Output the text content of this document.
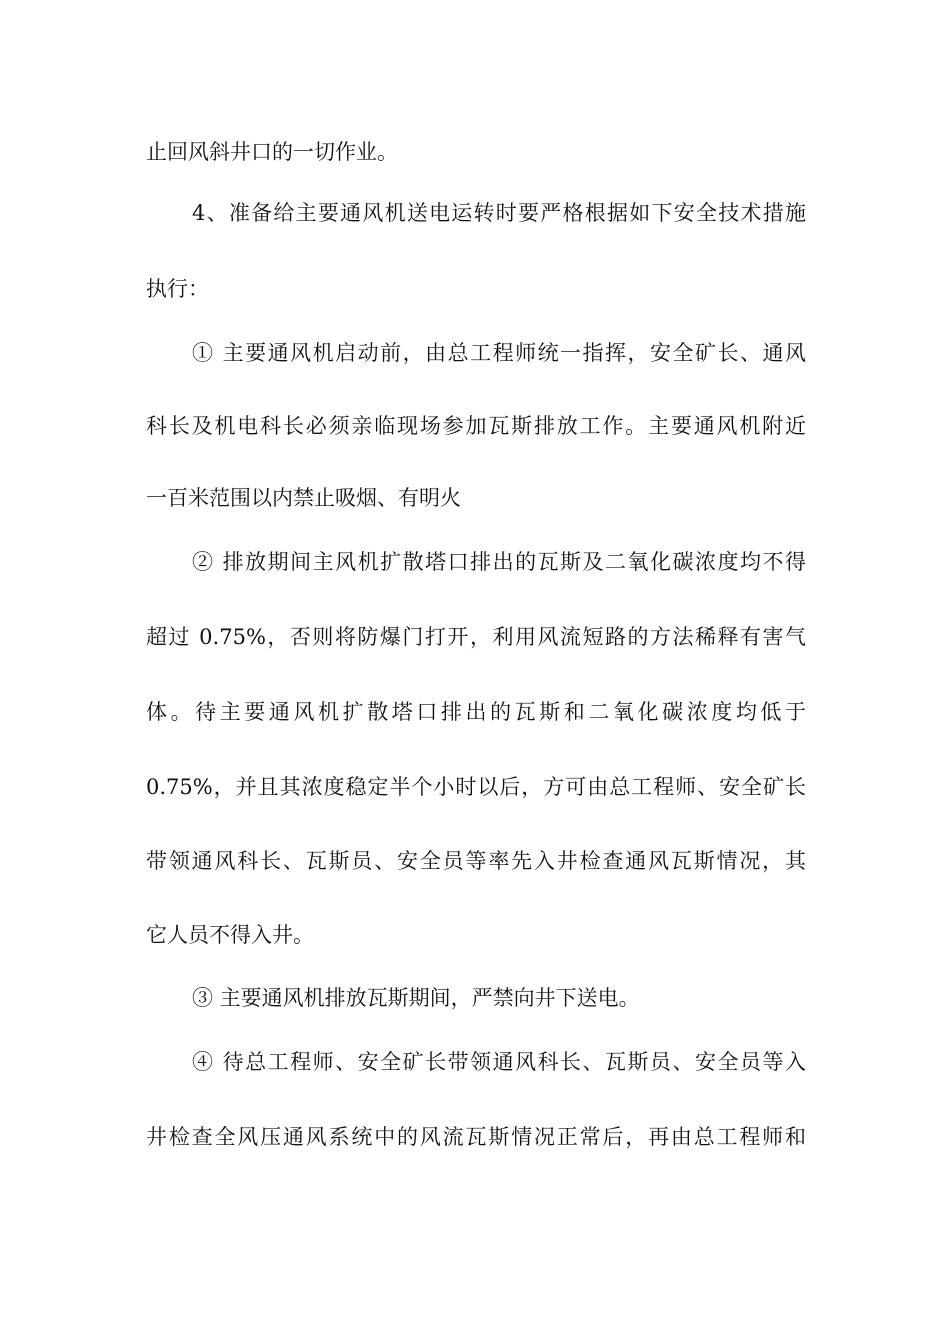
止回风斜井口的一切作业。
4、准备给主要通风机送电运转时要严格根据如下安全技术措施
执行：
① 主要通风机启动前，由总工程师统一指挥，安全矿长、通风
科长及机电科长必须亲临现场参加瓦斯排放工作。主要通风机附近
一百米范围以内禁止吸烟、有明火
② 排放期间主风机扩散塔口排出的瓦斯及二氧化碳浓度均不得
超过 0.75%，否则将防爆门打开，利用风流短路的方法稀释有害气
体。待主要通风机扩散塔口排出的瓦斯和二氧化碳浓度均低于
0.75%，并且其浓度稳定半个小时以后，方可由总工程师、安全矿长
带领通风科长、瓦斯员、安全员等率先入井检查通风瓦斯情况，其
它人员不得入井。
③ 主要通风机排放瓦斯期间，严禁向井下送电。
④ 待总工程师、安全矿长带领通风科长、瓦斯员、安全员等入
井检查全风压通风系统中的风流瓦斯情况正常后，再由总工程师和
